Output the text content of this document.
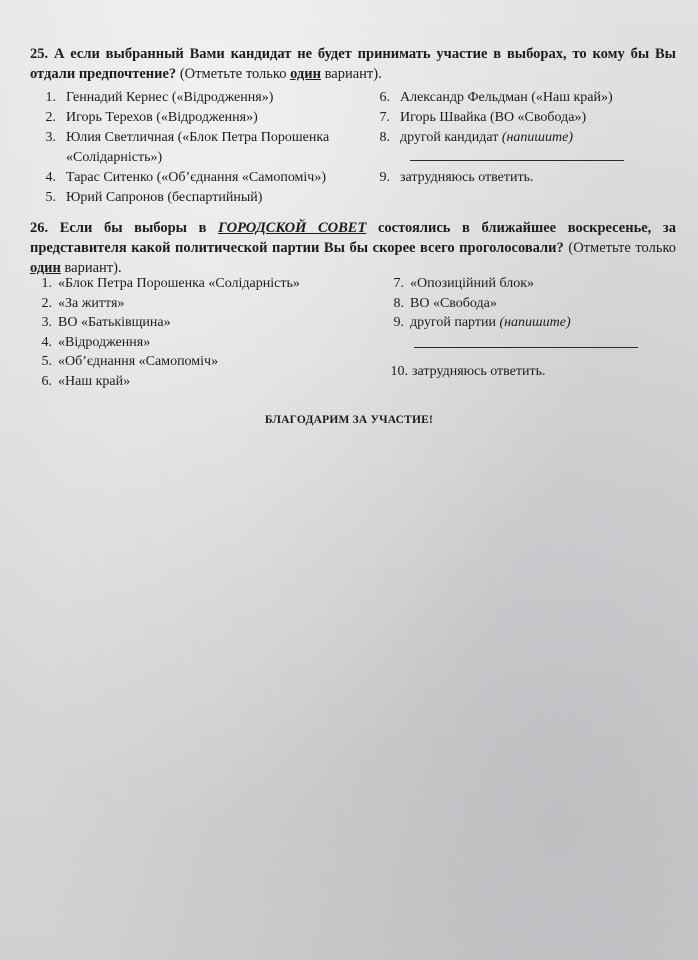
25. А если выбранный Вами кандидат не будет принимать участие в выборах, то кому бы Вы отдали предпочтение? (Отметьте только один вариант).
1. Геннадий Кернес («Відродження»)
2. Игорь Терехов («Відродження»)
3. Юлия Светличная («Блок Петра Порошенка «Солідарність»)
4. Тарас Ситенко («Об’єднання «Самопоміч»)
5. Юрий Сапронов (беспартийный)
6. Александр Фельдман («Наш край»)
7. Игорь Швайка (ВО «Свобода»)
8. другой кандидат (напишите)
9. затрудняюсь ответить.
26. Если бы выборы в ГОРОДСКОЙ СОВЕТ состоялись в ближайшее воскресенье, за представителя какой политической партии Вы бы скорее всего проголосовали? (Отметьте только один вариант).
1. «Блок Петра Порошенка «Солідарність»
2. «За життя»
3. ВО «Батьківщина»
4. «Відродження»
5. «Об’єднання «Самопоміч»
6. «Наш край»
7. «Опозиційний блок»
8. ВО «Свобода»
9. другой партии (напишите)
10. затрудняюсь ответить.
БЛАГОДАРИМ ЗА УЧАСТИЕ!
